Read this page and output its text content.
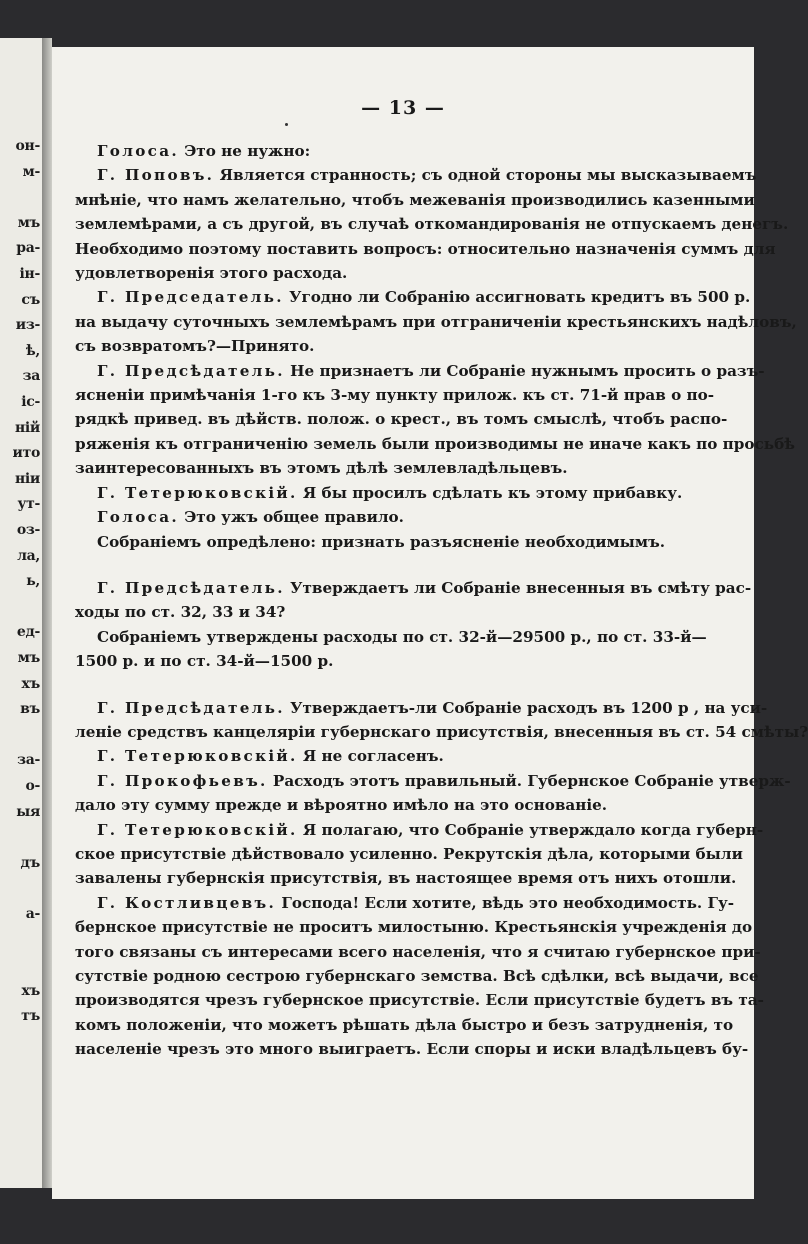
он-
м-
мъ
ра-
ін-
съ
из-
ѣ,
за
іс-
ній
ито
ніи
ут-
оз-
ла,
ь,
ед-
мъ
хъ
въ
за-
о-
ыя
дъ
а-
хъ
тъ
— 13 —
Голоса. Это не нужно:
Г. Поповъ. Является странность; съ одной стороны мы высказываемъ
мнѣніе, что намъ желательно, чтобъ межеванія производились казенными
землемѣрами, а съ другой, въ случаѣ откомандированія не отпускаемъ денегъ.
Необходимо поэтому поставить вопросъ: относительно назначенія суммъ для
удовлетворенія этого расхода.
Г. Председатель. Угодно ли Собранію ассигновать кредитъ въ 500 р.
на выдачу суточныхъ землемѣрамъ при отграниченіи крестьянскихъ надѣловъ,
съ возвратомъ?—Принято.
Г. Предсѣдатель. Не признаетъ ли Собраніе нужнымъ просить о разъ-
ясненіи примѣчанія 1-го къ 3-му пункту прилож. къ ст. 71-й прав о по-
рядкѣ привед. въ дѣйств. полож. о крест., въ томъ смыслѣ, чтобъ распо-
ряженія къ отграниченію земель были производимы не иначе какъ по просьбѣ
заинтересованныхъ въ этомъ дѣлѣ землевладѣльцевъ.
Г. Тетерюковскій. Я бы просилъ сдѣлать къ этому прибавку.
Голоса. Это ужъ общее правило.
Собраніемъ опредѣлено: признать разъясненіе необходимымъ.
Г. Предсѣдатель. Утверждаетъ ли Собраніе внесенныя въ смѣту рас-
ходы по ст. 32, 33 и 34?
Собраніемъ утверждены расходы по ст. 32-й—29500 р., по ст. 33-й—
1500 р. и по ст. 34-й—1500 р.
Г. Предсѣдатель. Утверждаетъ-ли Собраніе расходъ въ 1200 р , на уси-
леніе средствъ канцеляріи губернскаго присутствія, внесенныя въ ст. 54 смѣты?
Г. Тетерюковскій. Я не согласенъ.
Г. Прокофьевъ. Расходъ этотъ правильный. Губернское Собраніе утверж-
дало эту сумму прежде и вѣроятно имѣло на это основаніе.
Г. Тетерюковскій. Я полагаю, что Собраніе утверждало когда губерн-
ское присутствіе дѣйствовало усиленно. Рекрутскія дѣла, которыми были
завалены губернскія присутствія, въ настоящее время отъ нихъ отошли.
Г. Костливцевъ. Господа! Если хотите, вѣдь это необходимость. Гу-
бернское присутствіе не проситъ милостыню. Крестьянскія учрежденія до
того связаны съ интересами всего населенія, что я считаю губернское при-
сутствіе родною сестрою губернскаго земства. Всѣ сдѣлки, всѣ выдачи, все
производятся чрезъ губернское присутствіе. Если присутствіе будетъ въ та-
комъ положеніи, что можетъ рѣшать дѣла быстро и безъ затрудненія, то
населеніе чрезъ это много выиграетъ. Если споры и иски владѣльцевъ бу-
